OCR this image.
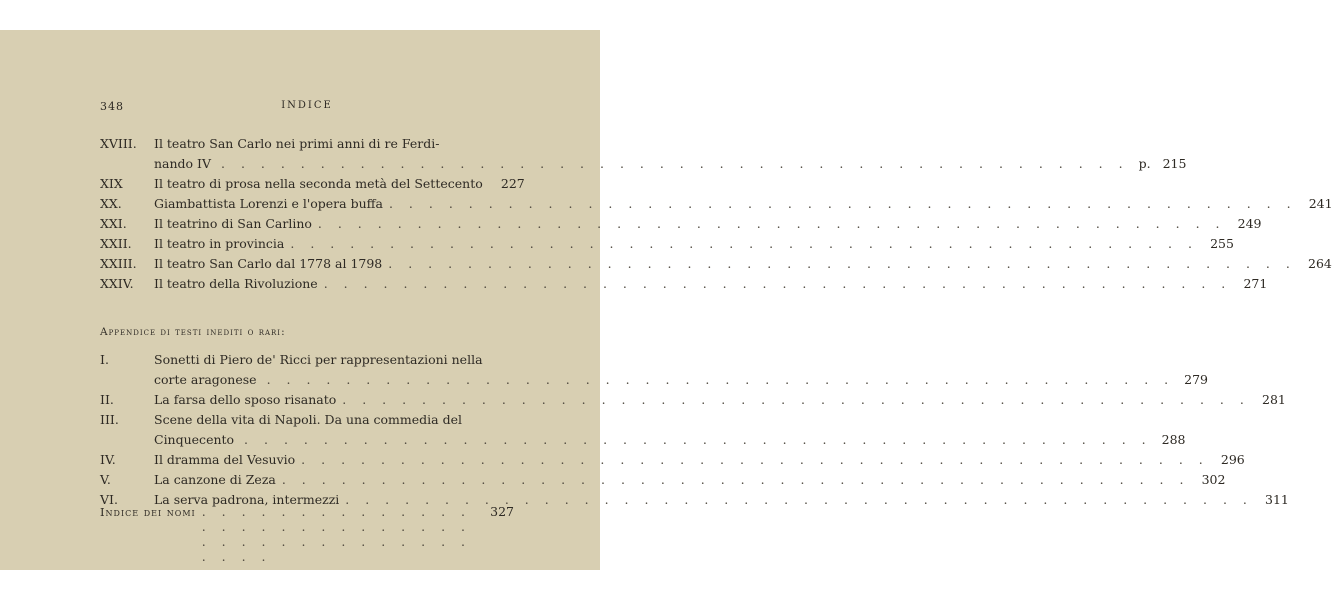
348	INDICE
XVIII. Il teatro San Carlo nei primi anni di re Ferdi-
nando IV . . .	p. 215
XIX	Il teatro di prosa nella seconda metà del Settecento	227
XX.	Giambattista Lorenzi e l'opera buffa . . .	241
XXI. Il teatrino di San Carlino . . .	249
XXII. Il teatro in provincia . . .	255
XXIII. Il teatro San Carlo dal 1778 al 1798 . . .	264
XXIV. Il teatro della Rivoluzione . . .	271
Appendice di testi inediti o rari:
I.	Sonetti di Piero de' Ricci per rappresentazioni nella
corte aragonese . . .	279
II.	La farsa dello sposo risanato . . .	281
III.	Scene della vita di Napoli. Da una commedia del
Cinquecento . . .	288
IV.	Il dramma del Vesuvio . . .	296
V.	La canzone di Zeza . . .	302
VI.	La serva padrona, intermezzi . . .	311
Indice dei nomi . . .	327
